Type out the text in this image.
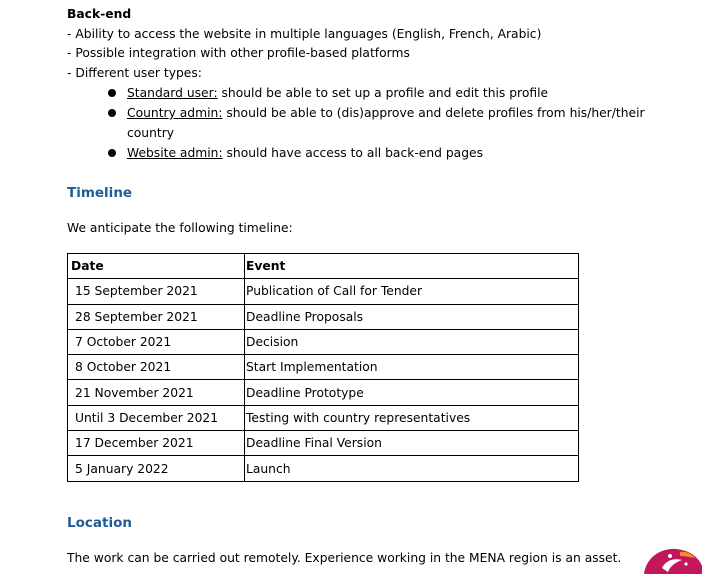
Back-end
- Ability to access the website in multiple languages (English, French, Arabic)
- Possible integration with other profile-based platforms
- Different user types:
Standard user: should be able to set up a profile and edit this profile
Country admin: should be able to (dis)approve and delete profiles from his/her/their
country
Website admin: should have access to all back-end pages
Timeline
We anticipate the following timeline:
Date	Event
15 September 2021	Publication of Call for Tender
28 September 2021	Deadline Proposals
7 October 2021	Decision
8 October 2021	Start Implementation
21 November 2021	Deadline Prototype
Until 3 December 2021	Testing with country representatives
17 December 2021	Deadline Final Version
5 January 2022	Launch
Location
The work can be carried out remotely. Experience working in the MENA region is an asset.
